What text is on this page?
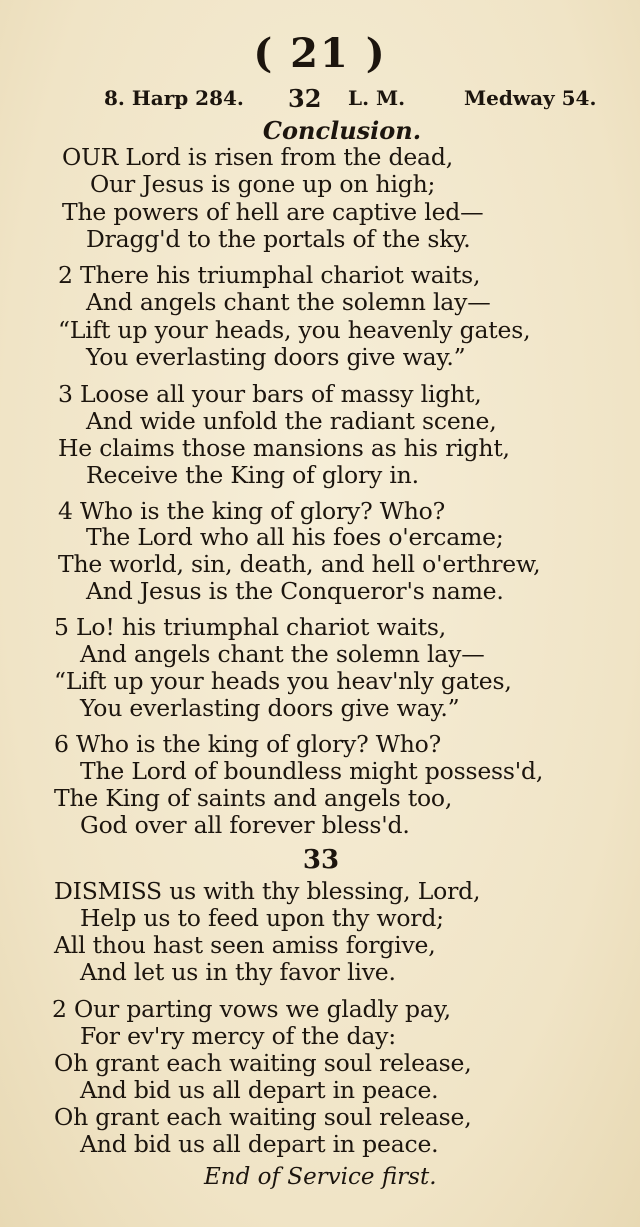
( 21 )
8. Harp 284. 32 L. M.	Medway 54.
Conclusion.
OUR Lord is risen from the dead,
Our Jesus is gone up on high;
The powers of hell are captive led—
Dragg'd to the portals of the sky.
2 There his triumphal chariot waits,
And angels chant the solemn lay—
“Lift up your heads, you heavenly gates,
You everlasting doors give way.”
3 Loose all your bars of massy light,
And wide unfold the radiant scene,
He claims those mansions as his right,
Receive the King of glory in.
4 Who is the king of glory? Who?
The Lord who all his foes o'ercame;
The world, sin, death, and hell o'erthrew,
And Jesus is the Conqueror's name.
5 Lo! his triumphal chariot waits,
And angels chant the solemn lay—
“Lift up your heads you heav'nly gates,
You everlasting doors give way.”
6 Who is the king of glory? Who?
The Lord of boundless might possess'd,
The King of saints and angels too,
God over all forever bless'd.
33
DISMISS us with thy blessing, Lord,
Help us to feed upon thy word;
All thou hast seen amiss forgive,
And let us in thy favor live.
2 Our parting vows we gladly pay,
For ev'ry mercy of the day:
Oh grant each waiting soul release,
And bid us all depart in peace.
Oh grant each waiting soul release,
And bid us all depart in peace.
End of Service first.
